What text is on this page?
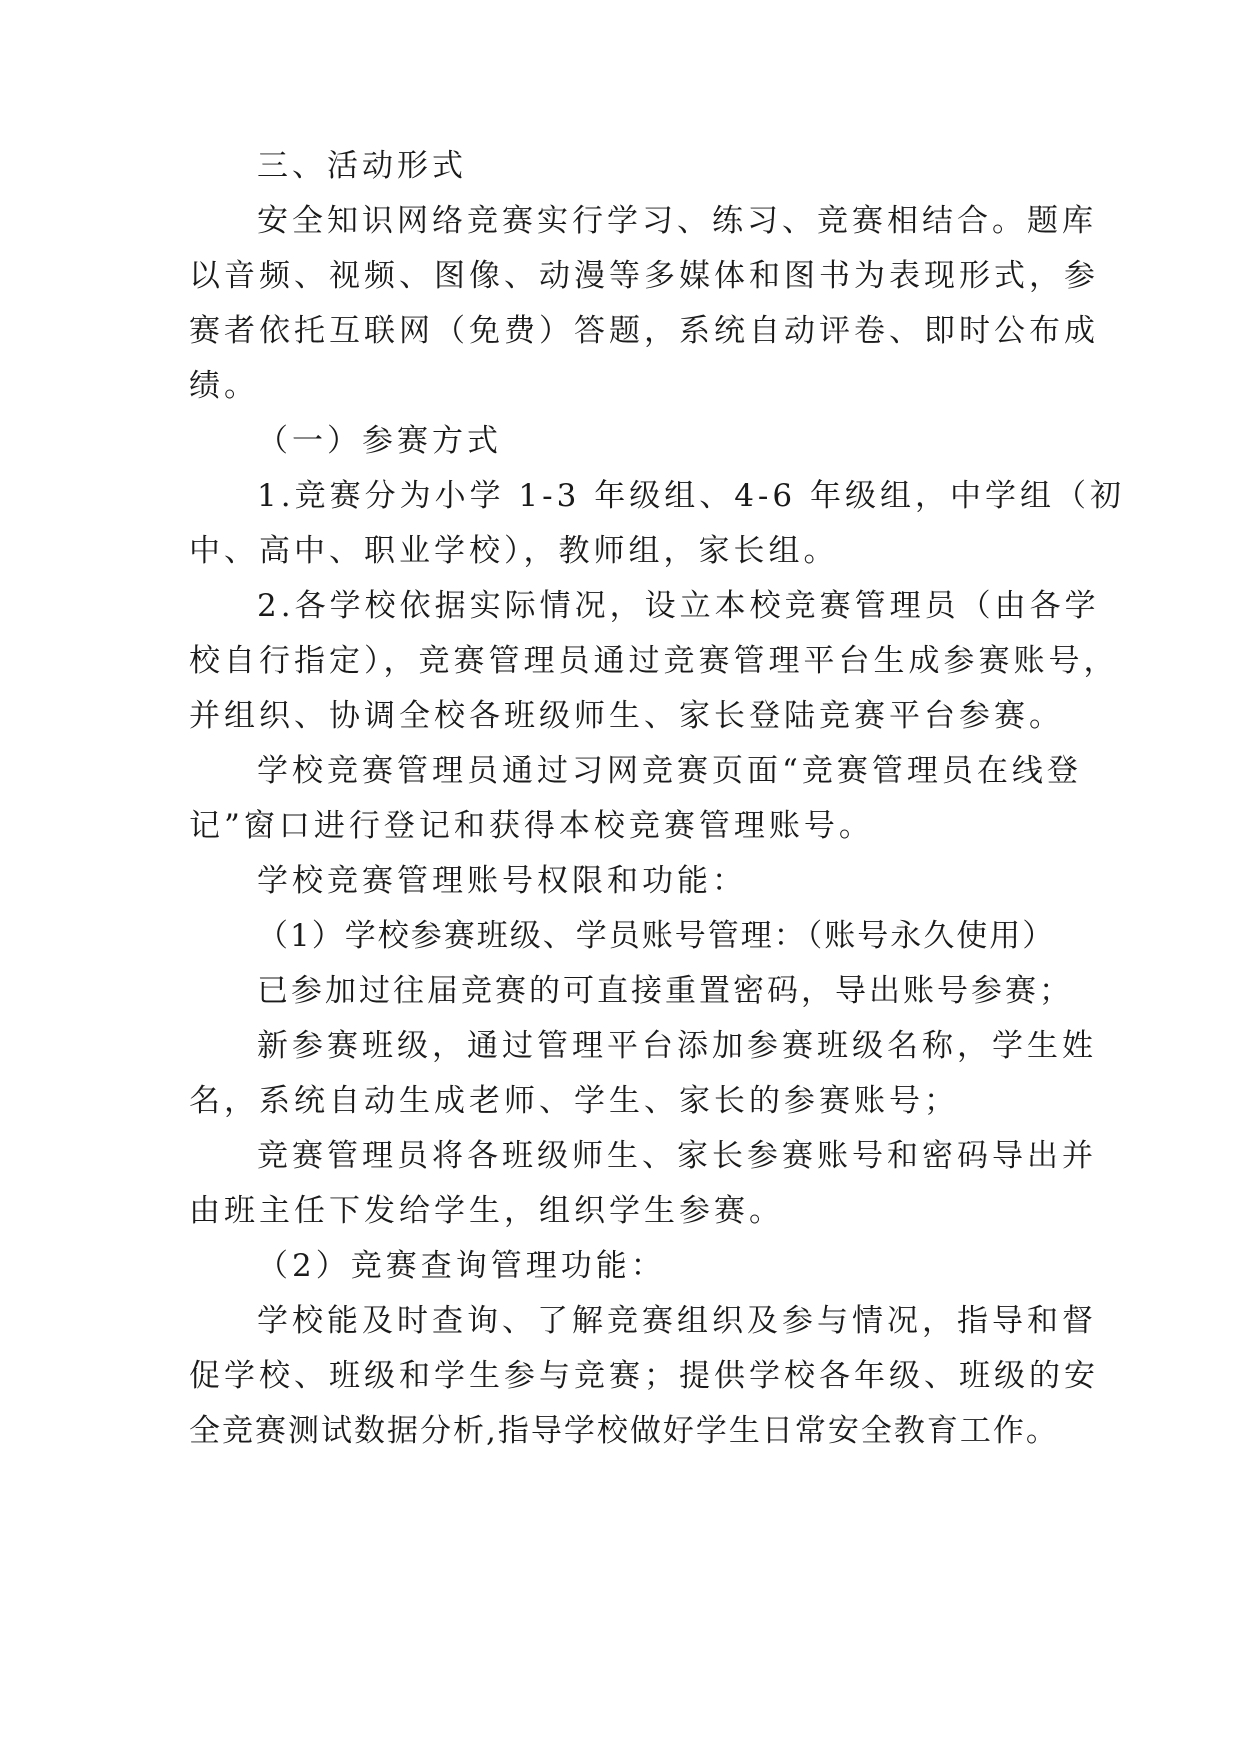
三、活动形式
安全知识网络竞赛实行学习、练习、竞赛相结合。题库
以音频、视频、图像、动漫等多媒体和图书为表现形式，参
赛者依托互联网（免费）答题，系统自动评卷、即时公布成
绩。
（一）参赛方式
1.竞赛分为小学 1-3 年级组、4-6 年级组，中学组（初
中、高中、职业学校），教师组，家长组。
2.各学校依据实际情况，设立本校竞赛管理员（由各学
校自行指定），竞赛管理员通过竞赛管理平台生成参赛账号，
并组织、协调全校各班级师生、家长登陆竞赛平台参赛。
学校竞赛管理员通过习网竞赛页面“竞赛管理员在线登
记”窗口进行登记和获得本校竞赛管理账号。
学校竞赛管理账号权限和功能：
（1）学校参赛班级、学员账号管理：（账号永久使用）
已参加过往届竞赛的可直接重置密码，导出账号参赛；
新参赛班级，通过管理平台添加参赛班级名称，学生姓
名，系统自动生成老师、学生、家长的参赛账号；
竞赛管理员将各班级师生、家长参赛账号和密码导出并
由班主任下发给学生，组织学生参赛。
（2）竞赛查询管理功能：
学校能及时查询、了解竞赛组织及参与情况，指导和督
促学校、班级和学生参与竞赛；提供学校各年级、班级的安
全竞赛测试数据分析,指导学校做好学生日常安全教育工作。
